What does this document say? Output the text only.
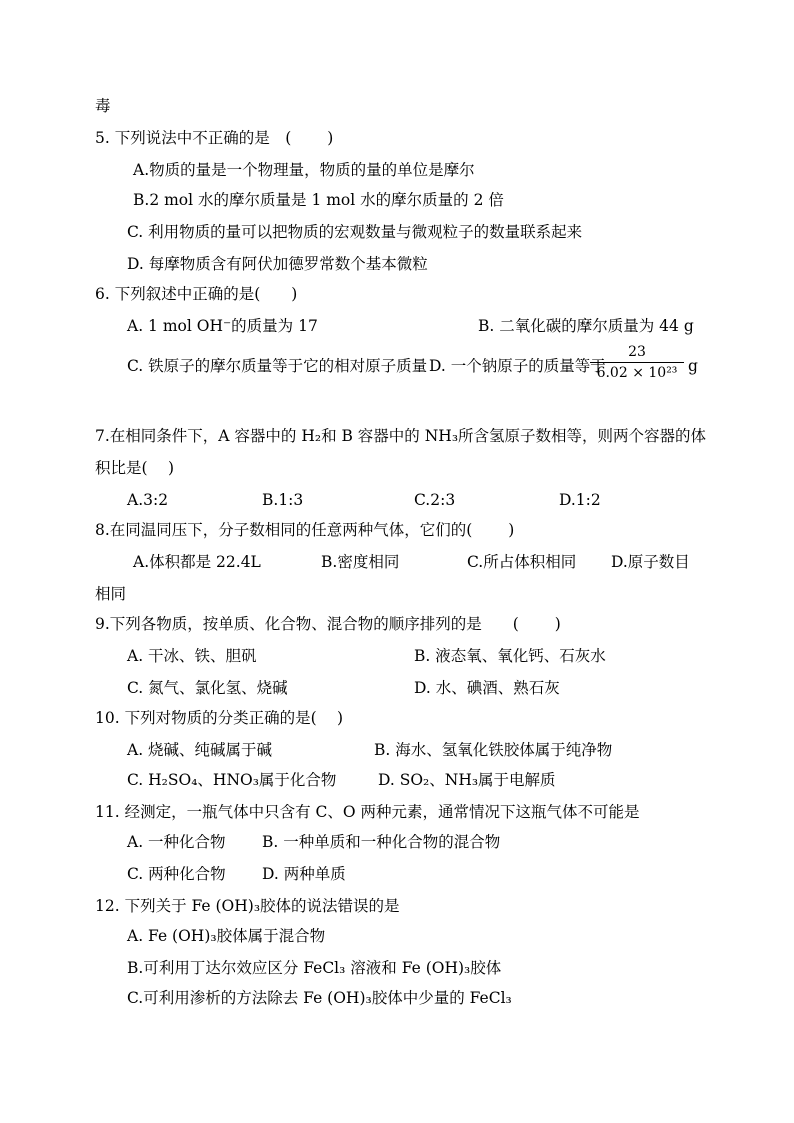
毒
5. 下列说法中不正确的是　(　　 )
A.物质的量是一个物理量，物质的量的单位是摩尔
B.2 mol 水的摩尔质量是 1 mol 水的摩尔质量的 2 倍
C. 利用物质的量可以把物质的宏观数量与微观粒子的数量联系起来
D. 每摩物质含有阿伏加德罗常数个基本微粒
6. 下列叙述中正确的是(　　)
A. 1 mol OH⁻的质量为 17	B. 二氧化碳的摩尔质量为 44 g
C. 铁原子的摩尔质量等于它的相对原子质量 D. 一个钠原子的质量等于
23
6.02 × 10²³ g
7.在相同条件下，A 容器中的 H₂和 B 容器中的 NH₃所含氢原子数相等，则两个容器的体
积比是(　 )
A.3:2	B.1:3	C.2:3	D.1:2
8.在同温同压下，分子数相同的任意两种气体，它们的(　　 )
A.体积都是 22.4L	B.密度相同	C.所占体积相同 D.原子数目
相同
9.下列各物质，按单质、化合物、混合物的顺序排列的是　　(　　 )
A. 干冰、铁、胆矾	B. 液态氧、氧化钙、石灰水
C. 氮气、氯化氢、烧碱	D. 水、碘酒、熟石灰
10. 下列对物质的分类正确的是(　 )
A. 烧碱、纯碱属于碱	B. 海水、氢氧化铁胶体属于纯净物
C. H₂SO₄、HNO₃属于化合物	D. SO₂、NH₃属于电解质
11. 经测定，一瓶气体中只含有 C、O 两种元素，通常情况下这瓶气体不可能是
A. 一种化合物 B. 一种单质和一种化合物的混合物
C. 两种化合物 D. 两种单质
12. 下列关于 Fe (OH)₃胶体的说法错误的是
A. Fe (OH)₃胶体属于混合物
B.可利用丁达尔效应区分 FeCl₃ 溶液和 Fe (OH)₃胶体
C.可利用渗析的方法除去 Fe (OH)₃胶体中少量的 FeCl₃
